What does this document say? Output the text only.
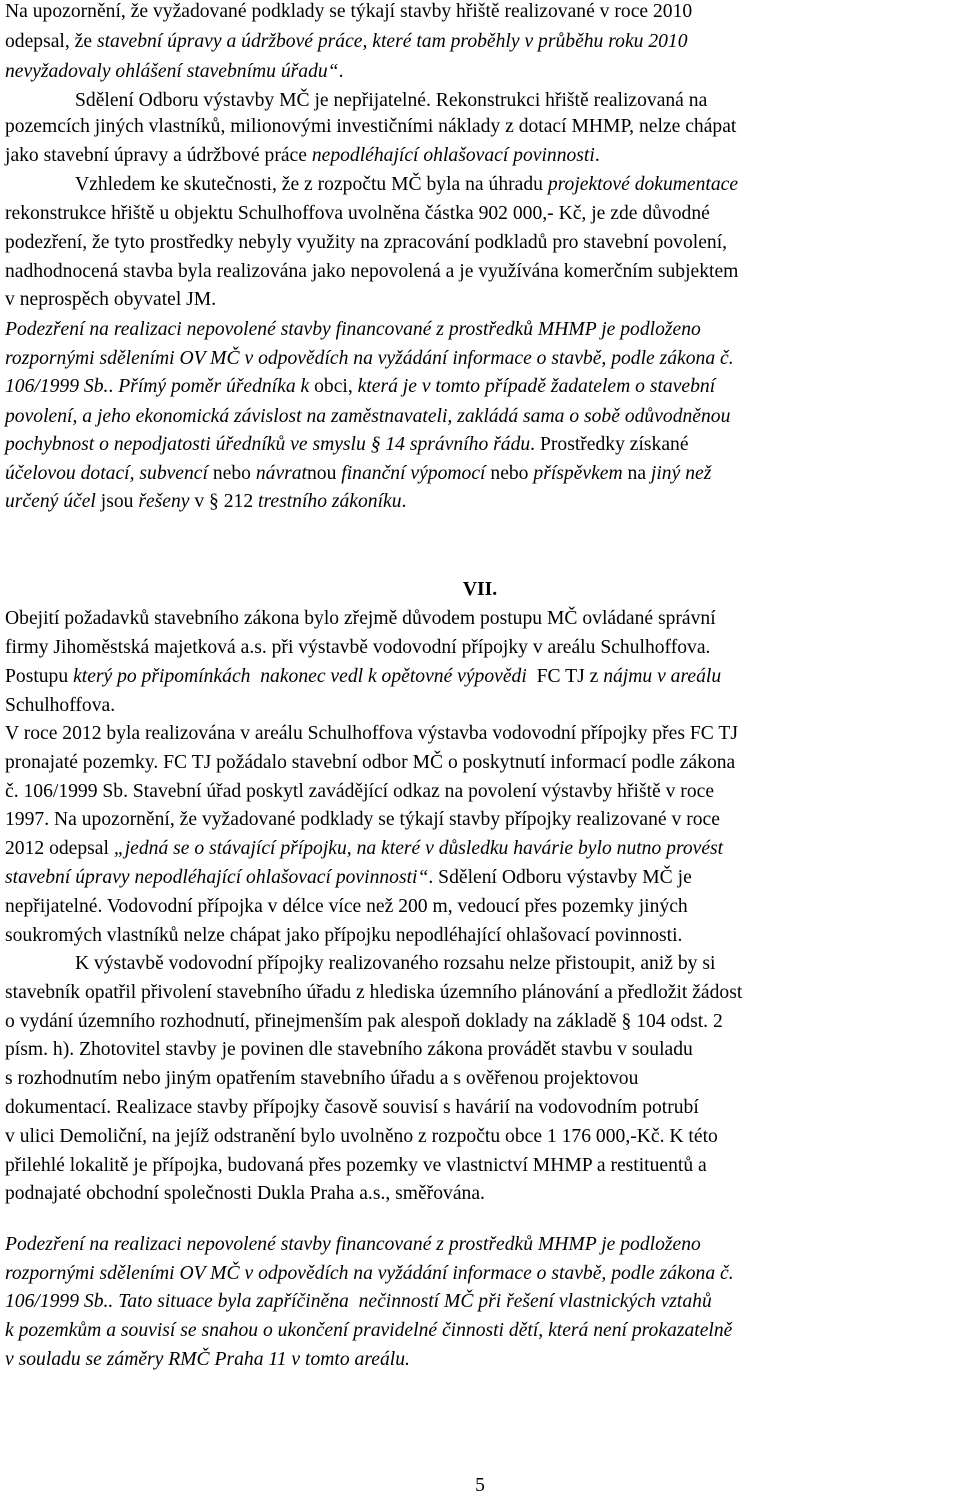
Na upozornění, že vyžadované podklady se týkají stavby hřiště realizované v roce 2010
odepsal, že stavební úpravy a údržbové práce, které tam proběhly v průběhu roku 2010
nevyžadovaly ohlášení stavebnímu úřadu“.
Sdělení Odboru výstavby MČ je nepřijatelné. Rekonstrukci hřiště realizovaná na
pozemcích jiných vlastníků, milionovými investičními náklady z dotací MHMP, nelze chápat
jako stavební úpravy a údržbové práce nepodléhající ohlašovací povinnosti.
Vzhledem ke skutečnosti, že z rozpočtu MČ byla na úhradu projektové dokumentace
rekonstrukce hřiště u objektu Schulhoffova uvolněna částka 902 000,- Kč, je zde důvodné
podezření, že tyto prostředky nebyly využity na zpracování podkladů pro stavební povolení,
nadhodnocená stavba byla realizována jako nepovolená a je využívána komerčním subjektem
v neprospěch obyvatel JM.
Podezření na realizaci nepovolené stavby financované z prostředků MHMP je podloženo
rozpornými sděleními OV MČ v odpovědích na vyžádání informace o stavbě, podle zákona č.
106/1999 Sb.. Přímý poměr úředníka k obci, která je v tomto případě žadatelem o stavební
povolení, a jeho ekonomická závislost na zaměstnavateli, zakládá sama o sobě odůvodněnou
pochybnost o nepodjatosti úředníků ve smyslu § 14 správního řádu. Prostředky získané
účelovou dotací, subvencí nebo návratnou finanční výpomocí nebo příspěvkem na jiný než
určený účel jsou řešeny v § 212 trestního zákoníku.
Obejití požadavků stavebního zákona bylo zřejmě důvodem postupu MČ ovládané správní
firmy Jihoměstská majetková a.s. při výstavbě vodovodní přípojky v areálu Schulhoffova.
Postupu který po připomínkách  nakonec vedl k opětovné výpovědi  FC TJ z nájmu v areálu
Schulhoffova.
V roce 2012 byla realizována v areálu Schulhoffova výstavba vodovodní přípojky přes FC TJ
pronajaté pozemky. FC TJ požádalo stavební odbor MČ o poskytnutí informací podle zákona
č. 106/1999 Sb. Stavební úřad poskytl zavádějící odkaz na povolení výstavby hřiště v roce
1997. Na upozornění, že vyžadované podklady se týkají stavby přípojky realizované v roce
2012 odepsal „jedná se o stávající přípojku, na které v důsledku havárie bylo nutno provést
stavební úpravy nepodléhající ohlašovací povinnosti“. Sdělení Odboru výstavby MČ je
nepřijatelné. Vodovodní přípojka v délce více než 200 m, vedoucí přes pozemky jiných
soukromých vlastníků nelze chápat jako přípojku nepodléhající ohlašovací povinnosti.
K výstavbě vodovodní přípojky realizovaného rozsahu nelze přistoupit, aniž by si
stavebník opatřil přivolení stavebního úřadu z hlediska územního plánování a předložit žádost
o vydání územního rozhodnutí, přinejmenším pak alespoň doklady na základě § 104 odst. 2
písm. h). Zhotovitel stavby je povinen dle stavebního zákona provádět stavbu v souladu
s rozhodnutím nebo jiným opatřením stavebního úřadu a s ověřenou projektovou
dokumentací. Realizace stavby přípojky časově souvisí s havárií na vodovodním potrubí
v ulici Demoliční, na jejíž odstranění bylo uvolněno z rozpočtu obce 1 176 000,-Kč. K této
přilehlé lokalitě je přípojka, budovaná přes pozemky ve vlastnictví MHMP a restituentů a
podnajaté obchodní společnosti Dukla Praha a.s., směřována.
Podezření na realizaci nepovolené stavby financované z prostředků MHMP je podloženo
rozpornými sděleními OV MČ v odpovědích na vyžádání informace o stavbě, podle zákona č.
106/1999 Sb.. Tato situace byla zapříčiněna  nečinností MČ při řešení vlastnických vztahů
k pozemkům a souvisí se snahou o ukončení pravidelné činnosti dětí, která není prokazatelně
v souladu se záměry RMČ Praha 11 v tomto areálu.
VII.
5
